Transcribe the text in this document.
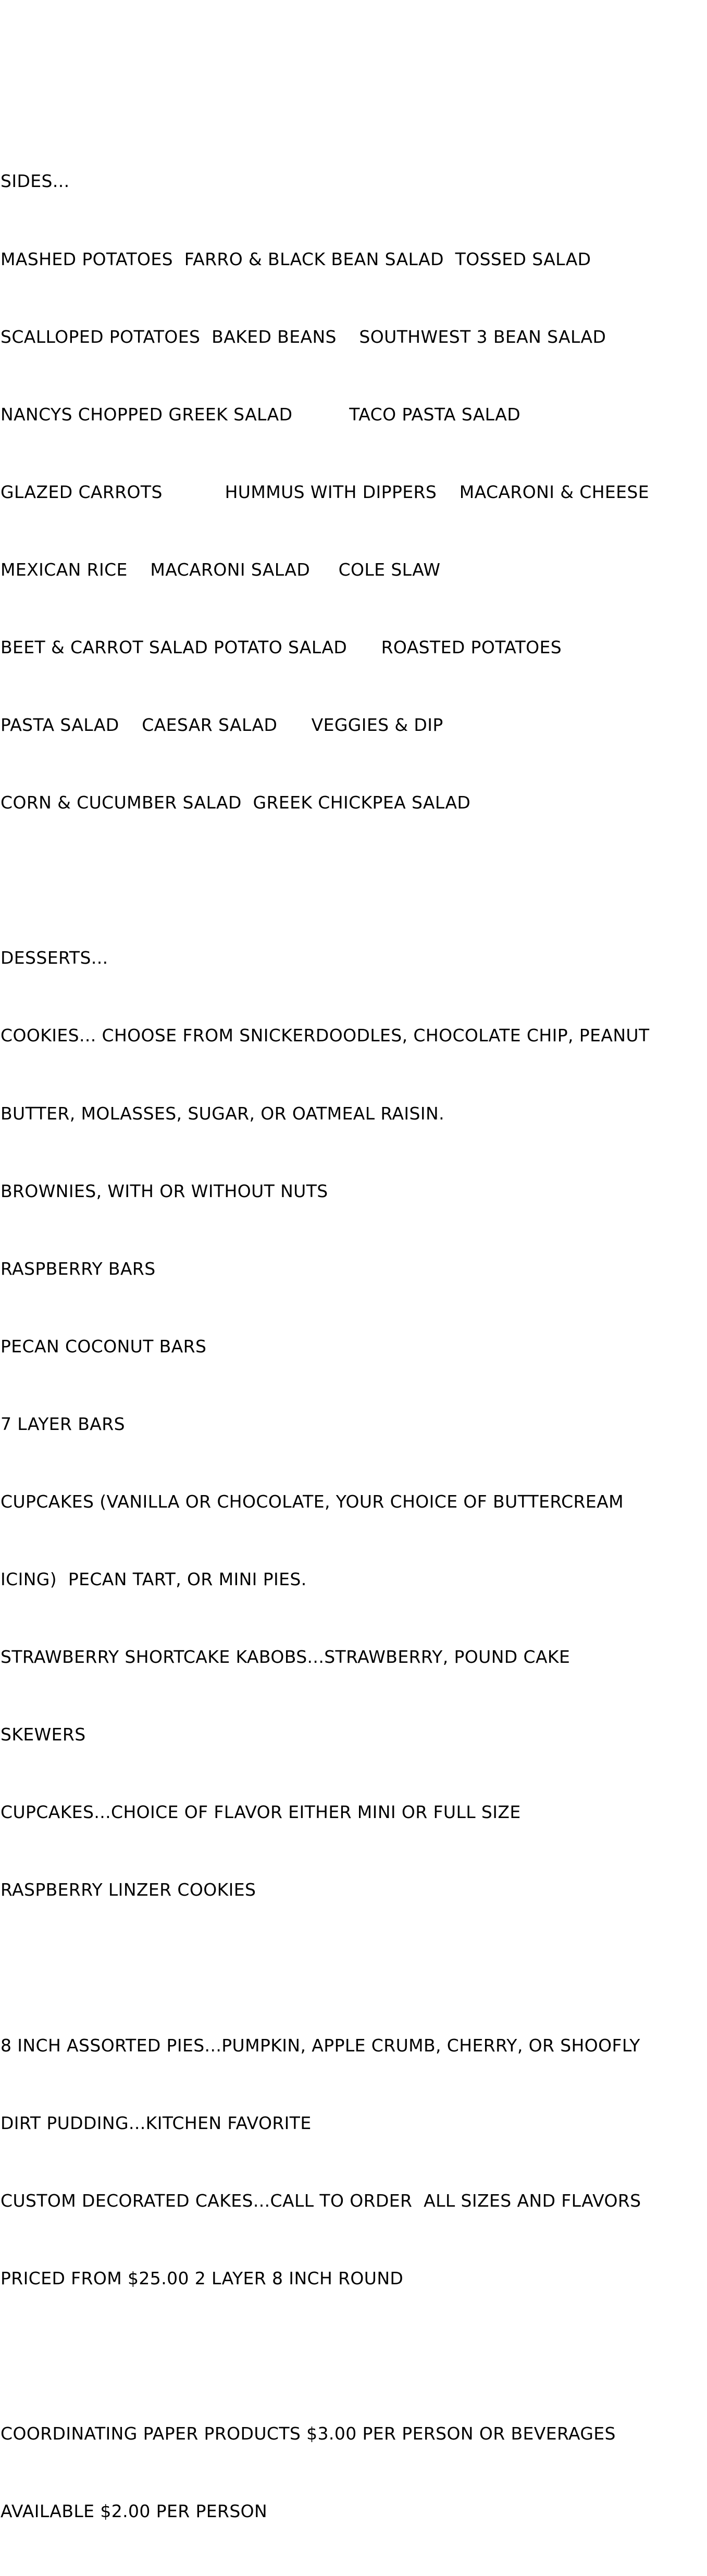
SIDES...

MASHED POTATOES  FARRO & BLACK BEAN SALAD  TOSSED SALAD

SCALLOPED POTATOES  BAKED BEANS    SOUTHWEST 3 BEAN SALAD

NANCYS CHOPPED GREEK SALAD          TACO PASTA SALAD

GLAZED CARROTS           HUMMUS WITH DIPPERS    MACARONI & CHEESE

MEXICAN RICE    MACARONI SALAD     COLE SLAW

BEET & CARROT SALAD POTATO SALAD      ROASTED POTATOES

PASTA SALAD    CAESAR SALAD      VEGGIES & DIP

CORN & CUCUMBER SALAD  GREEK CHICKPEA SALAD

DESSERTS...

COOKIES... CHOOSE FROM SNICKERDOODLES, CHOCOLATE CHIP, PEANUT

BUTTER, MOLASSES, SUGAR, OR OATMEAL RAISIN.

BROWNIES, WITH OR WITHOUT NUTS

RASPBERRY BARS

PECAN COCONUT BARS

7 LAYER BARS

CUPCAKES (VANILLA OR CHOCOLATE, YOUR CHOICE OF BUTTERCREAM

ICING)  PECAN TART, OR MINI PIES.

STRAWBERRY SHORTCAKE KABOBS...STRAWBERRY, POUND CAKE

SKEWERS

CUPCAKES...CHOICE OF FLAVOR EITHER MINI OR FULL SIZE

RASPBERRY LINZER COOKIES

8 INCH ASSORTED PIES...PUMPKIN, APPLE CRUMB, CHERRY, OR SHOOFLY

DIRT PUDDING...KITCHEN FAVORITE

CUSTOM DECORATED CAKES...CALL TO ORDER  ALL SIZES AND FLAVORS

PRICED FROM $25.00 2 LAYER 8 INCH ROUND

COORDINATING PAPER PRODUCTS $3.00 PER PERSON OR BEVERAGES

AVAILABLE $2.00 PER PERSON
